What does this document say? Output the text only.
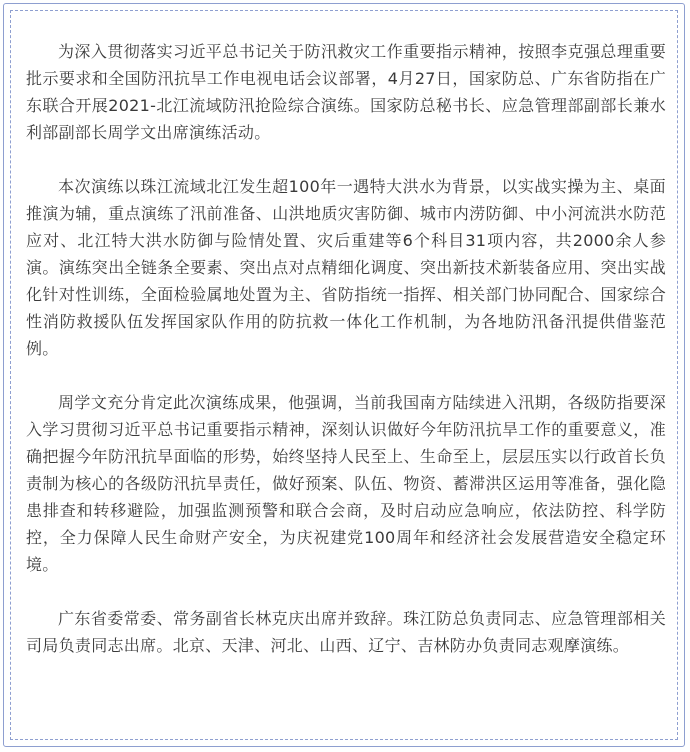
为深入贯彻落实习近平总书记关于防汛救灾工作重要指示精神，按照李克强总理重要批示要求和全国防汛抗旱工作电视电话会议部署，4月27日，国家防总、广东省防指在广东联合开展2021-北江流域防汛抢险综合演练。国家防总秘书长、应急管理部副部长兼水利部副部长周学文出席演练活动。

本次演练以珠江流域北江发生超100年一遇特大洪水为背景，以实战实操为主、桌面推演为辅，重点演练了汛前准备、山洪地质灾害防御、城市内涝防御、中小河流洪水防范应对、北江特大洪水防御与险情处置、灾后重建等6个科目31项内容，共2000余人参演。演练突出全链条全要素、突出点对点精细化调度、突出新技术新装备应用、突出实战化针对性训练，全面检验属地处置为主、省防指统一指挥、相关部门协同配合、国家综合性消防救援队伍发挥国家队作用的防抗救一体化工作机制，为各地防汛备汛提供借鉴范例。

周学文充分肯定此次演练成果，他强调，当前我国南方陆续进入汛期，各级防指要深入学习贯彻习近平总书记重要指示精神，深刻认识做好今年防汛抗旱工作的重要意义，准确把握今年防汛抗旱面临的形势，始终坚持人民至上、生命至上，层层压实以行政首长负责制为核心的各级防汛抗旱责任，做好预案、队伍、物资、蓄滞洪区运用等准备，强化隐患排查和转移避险，加强监测预警和联合会商，及时启动应急响应，依法防控、科学防控，全力保障人民生命财产安全，为庆祝建党100周年和经济社会发展营造安全稳定环境。

广东省委常委、常务副省长林克庆出席并致辞。珠江防总负责同志、应急管理部相关司局负责同志出席。北京、天津、河北、山西、辽宁、吉林防办负责同志观摩演练。
